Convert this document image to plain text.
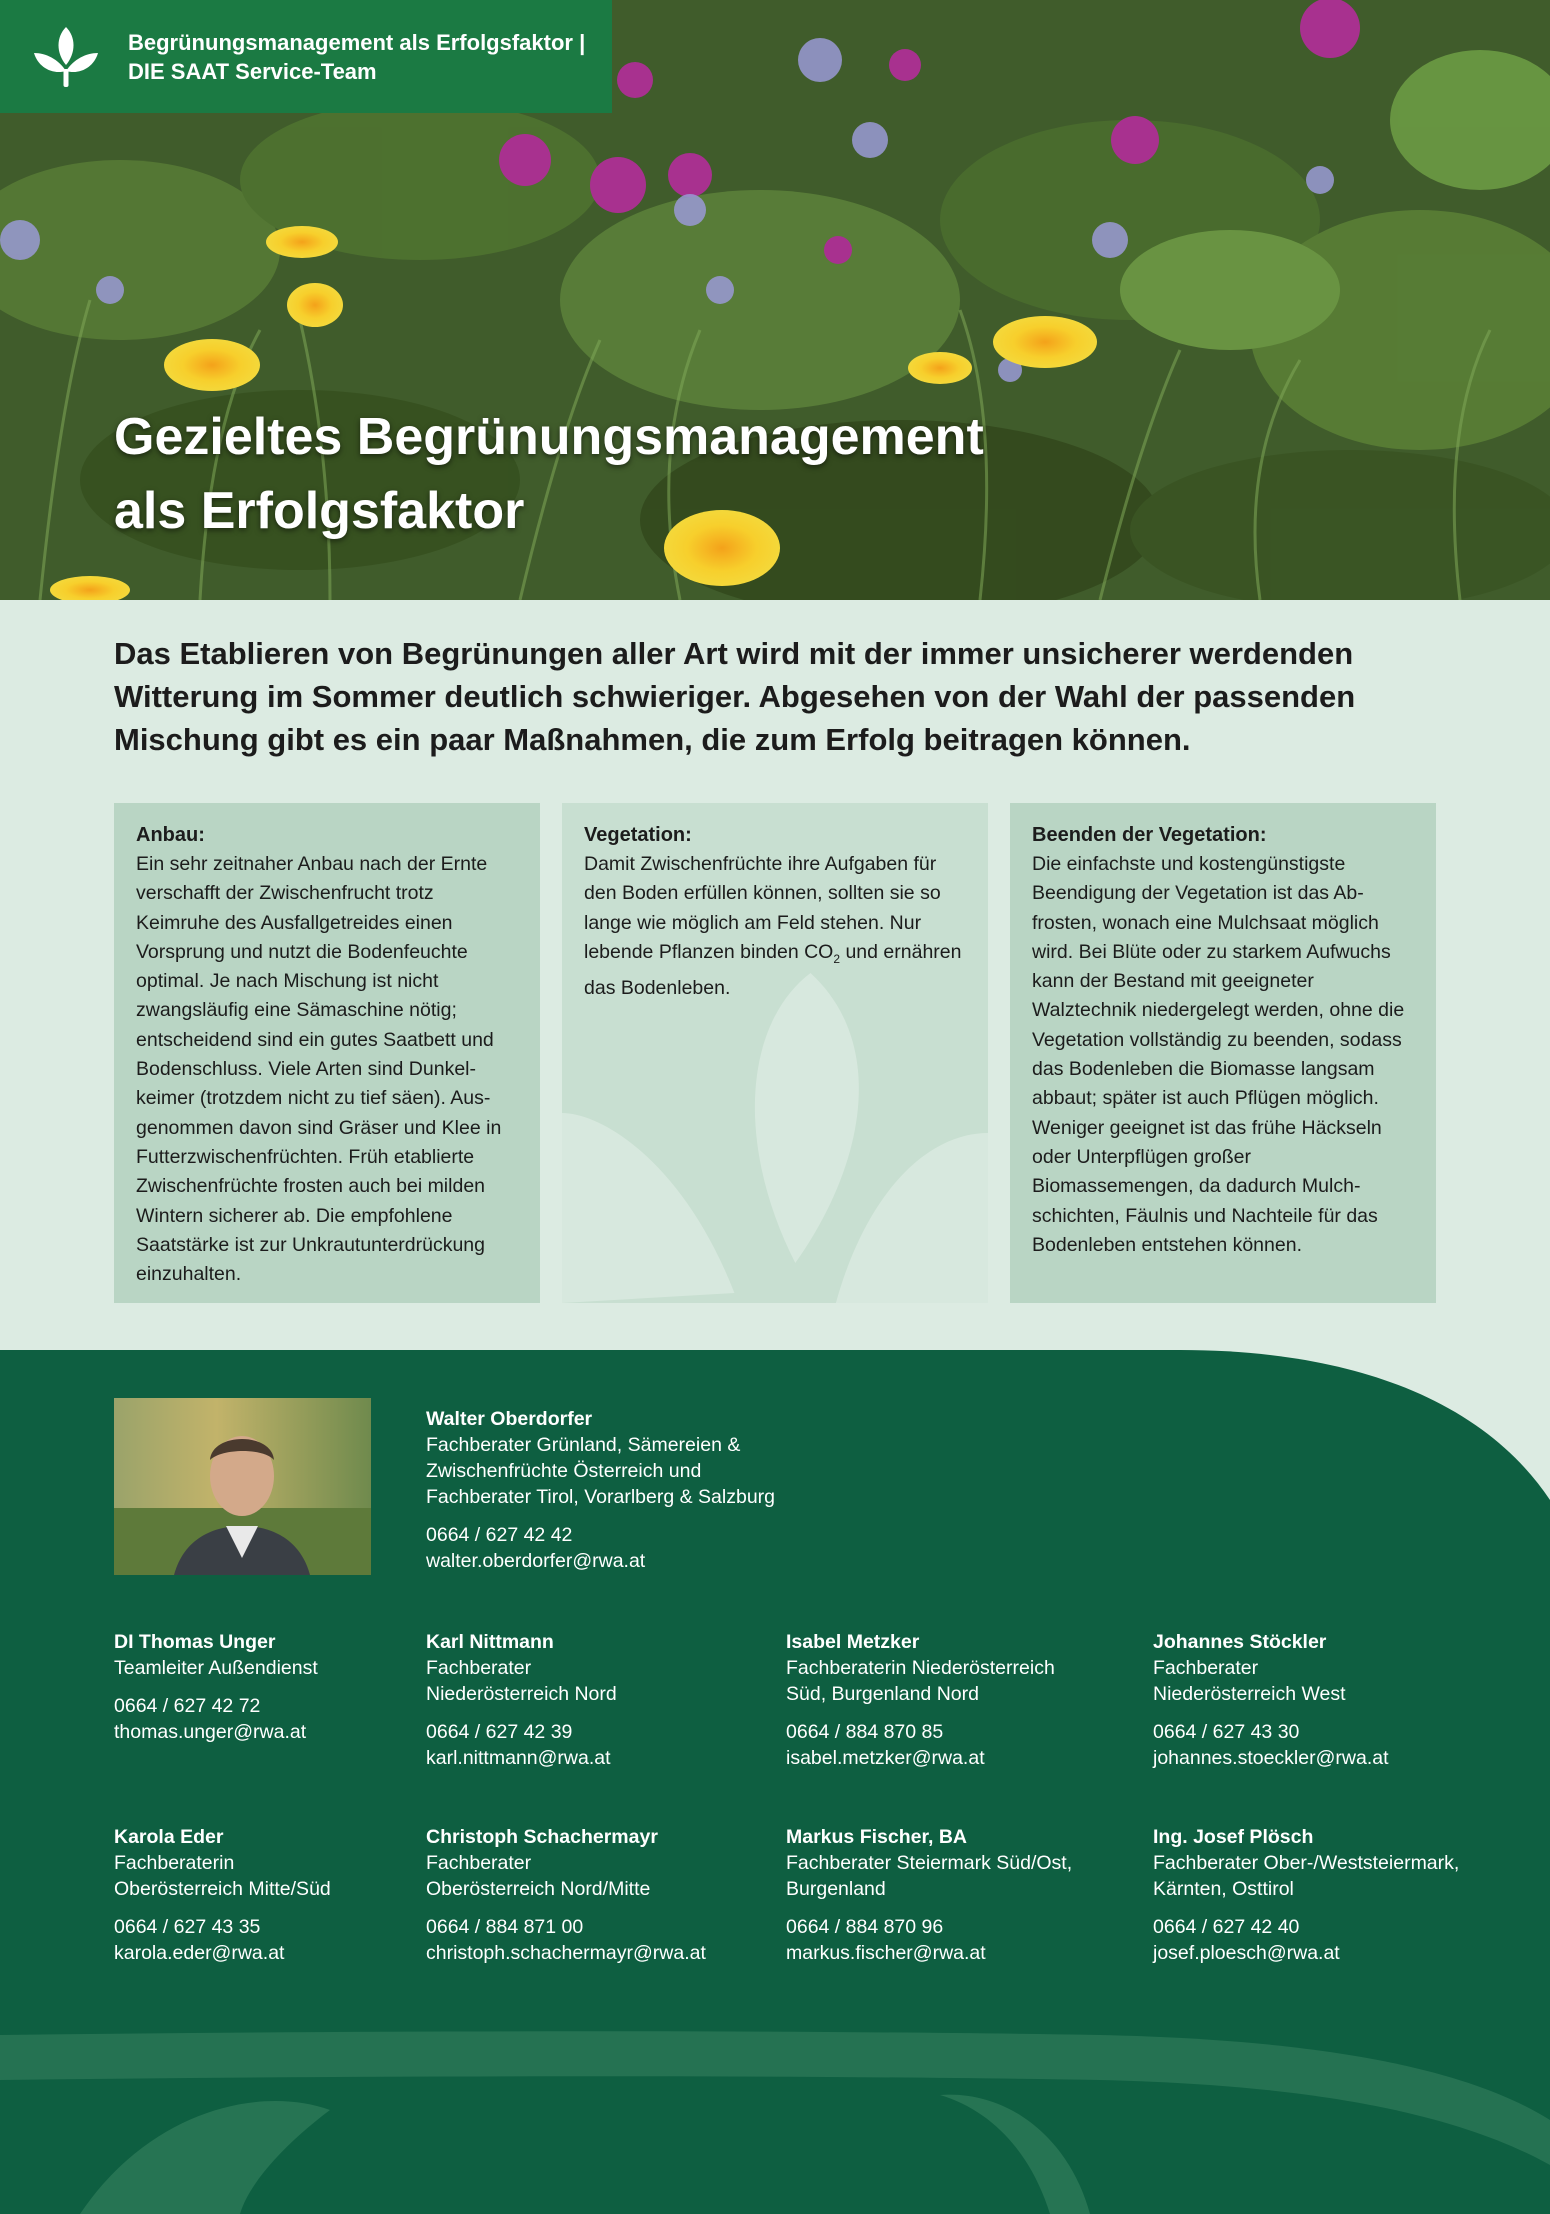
Begrünungsmanagement als Erfolgsfaktor |
DIE SAAT Service-Team
Gezieltes Begrünungsmanagement
als Erfolgsfaktor
Das Etablieren von Begrünungen aller Art wird mit der immer unsicherer werdenden Witterung im Sommer deutlich schwieriger. Abgesehen von der Wahl der passenden Mischung gibt es ein paar Maßnahmen, die zum Erfolg beitragen können.
Anbau:
Ein sehr zeitnaher Anbau nach der Ernte verschafft der Zwischenfrucht trotz Keimruhe des Ausfallgetreides einen Vorsprung und nutzt die Bodenfeuchte optimal. Je nach Mischung ist nicht zwangsläufig eine Sämaschine nötig; entscheidend sind ein gutes Saatbett und Bodenschluss. Viele Arten sind Dunkelkeimer (trotzdem nicht zu tief säen). Ausgenommen davon sind Gräser und Klee in Futterzwischenfrüchten. Früh etablierte Zwischenfrüchte frosten auch bei milden Wintern sicherer ab. Die empfohlene Saatstärke ist zur Unkrautunterdrückung einzuhalten.
Vegetation:
Damit Zwischenfrüchte ihre Aufgaben für den Boden erfüllen können, sollten sie so lange wie möglich am Feld stehen. Nur lebende Pflanzen binden $CO_2$ und ernähren das Bodenleben.
Beenden der Vegetation:
Die einfachste und kostengünstigste Beendigung der Vegetation ist das Abfrosten, wonach eine Mulchsaat möglich wird. Bei Blüte oder zu starkem Aufwuchs kann der Bestand mit geeigneter Walztechnik niedergelegt werden, ohne die Vegetation vollständig zu beenden, sodass das Bodenleben die Biomasse langsam abbaut; später ist auch Pflügen möglich. Weniger geeignet ist das frühe Häckseln oder Unterpflügen großer Biomassemengen, da dadurch Mulchschichten, Fäulnis und Nachteile für das Bodenleben entstehen können.
Walter Oberdorfer
Fachberater Grünland, Sämereien &
Zwischenfrüchte Österreich und
Fachberater Tirol, Vorarlberg & Salzburg
0664 / 627 42 42
walter.oberdorfer@rwa.at
DI Thomas Unger
Teamleiter Außendienst
0664 / 627 42 72
thomas.unger@rwa.at
Karl Nittmann
Fachberater
Niederösterreich Nord
0664 / 627 42 39
karl.nittmann@rwa.at
Isabel Metzker
Fachberaterin Niederösterreich
Süd, Burgenland Nord
0664 / 884 870 85
isabel.metzker@rwa.at
Johannes Stöckler
Fachberater
Niederösterreich West
0664 / 627 43 30
johannes.stoeckler@rwa.at
Karola Eder
Fachberaterin
Oberösterreich Mitte/Süd
0664 / 627 43 35
karola.eder@rwa.at
Christoph Schachermayr
Fachberater
Oberösterreich Nord/Mitte
0664 / 884 871 00
christoph.schachermayr@rwa.at
Markus Fischer, BA
Fachberater Steiermark Süd/Ost,
Burgenland
0664 / 884 870 96
markus.fischer@rwa.at
Ing. Josef Plösch
Fachberater Ober-/Weststeiermark,
Kärnten, Osttirol
0664 / 627 42 40
josef.ploesch@rwa.at
